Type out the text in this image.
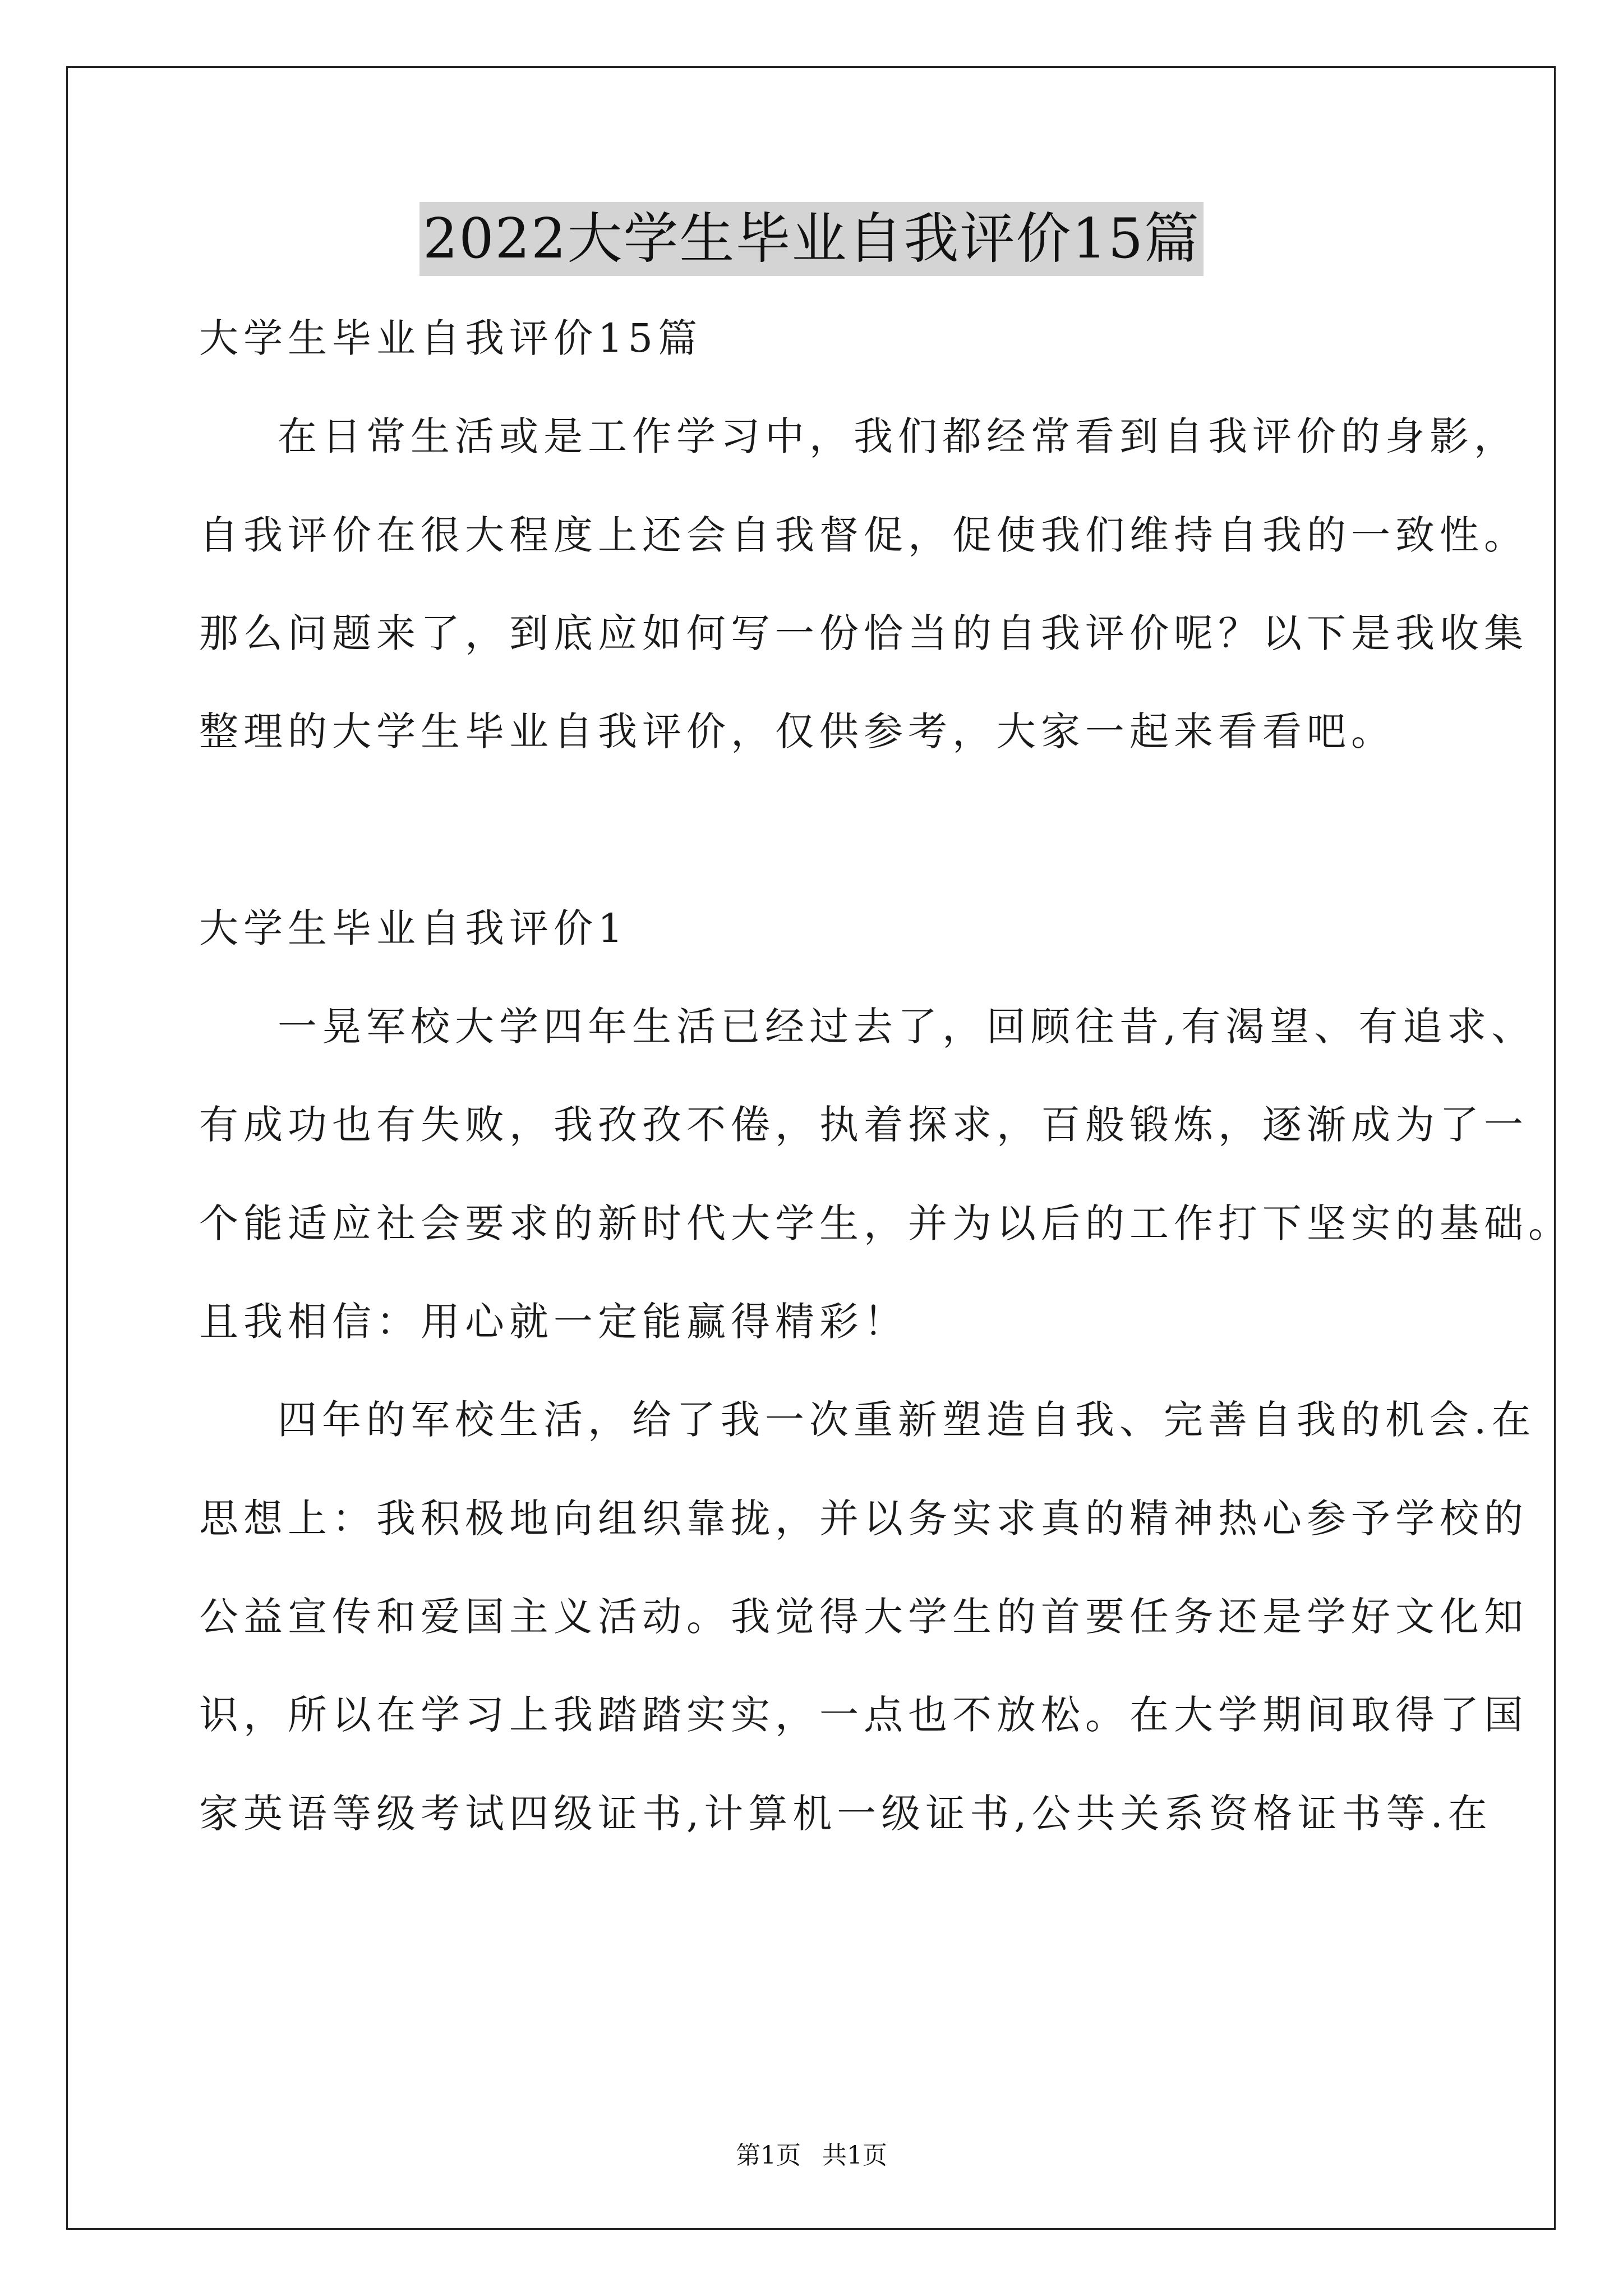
2022大学生毕业自我评价15篇
大学生毕业自我评价15篇
在日常生活或是工作学习中，我们都经常看到自我评价的身影，
自我评价在很大程度上还会自我督促，促使我们维持自我的一致性。
那么问题来了，到底应如何写一份恰当的自我评价呢？以下是我收集
整理的大学生毕业自我评价，仅供参考，大家一起来看看吧。
大学生毕业自我评价1
一晃军校大学四年生活已经过去了，回顾往昔,有渴望、有追求、
有成功也有失败，我孜孜不倦，执着探求，百般锻炼，逐渐成为了一
个能适应社会要求的新时代大学生，并为以后的工作打下坚实的基础。
且我相信：用心就一定能赢得精彩！
四年的军校生活，给了我一次重新塑造自我、完善自我的机会.在
思想上：我积极地向组织靠拢，并以务实求真的精神热心参予学校的
公益宣传和爱国主义活动。我觉得大学生的首要任务还是学好文化知
识，所以在学习上我踏踏实实，一点也不放松。在大学期间取得了国
家英语等级考试四级证书,计算机一级证书,公共关系资格证书等.在
第1页 共1页
